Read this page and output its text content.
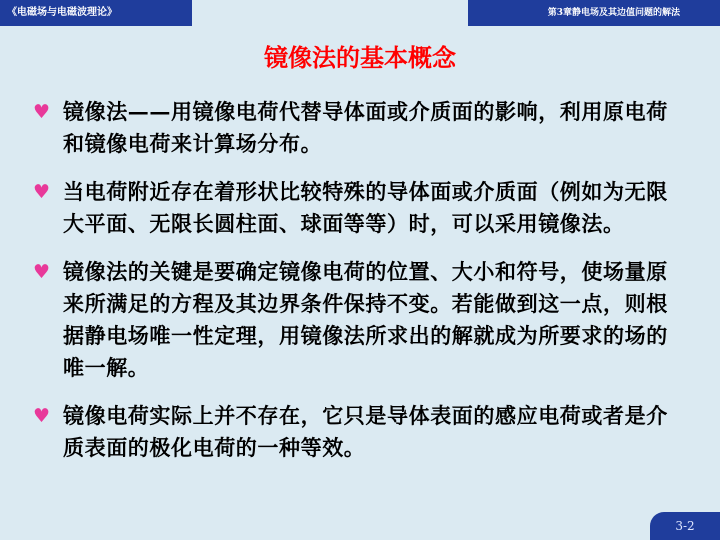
《电磁场与电磁波理论》	第3章静电场及其边值问题的解法
镜像法的基本概念
♥ 镜像法——用镜像电荷代替导体面或介质面的影响，利用原电荷和镜像电荷来计算场分布。
♥ 当电荷附近存在着形状比较特殊的导体面或介质面（例如为无限大平面、无限长圆柱面、球面等等）时，可以采用镜像法。
♥ 镜像法的关键是要确定镜像电荷的位置、大小和符号，使场量原来所满足的方程及其边界条件保持不变。若能做到这一点，则根据静电场唯一性定理，用镜像法所求出的解就成为所要求的场的唯一解。
♥ 镜像电荷实际上并不存在，它只是导体表面的感应电荷或者是介质表面的极化电荷的一种等效。
3-2
